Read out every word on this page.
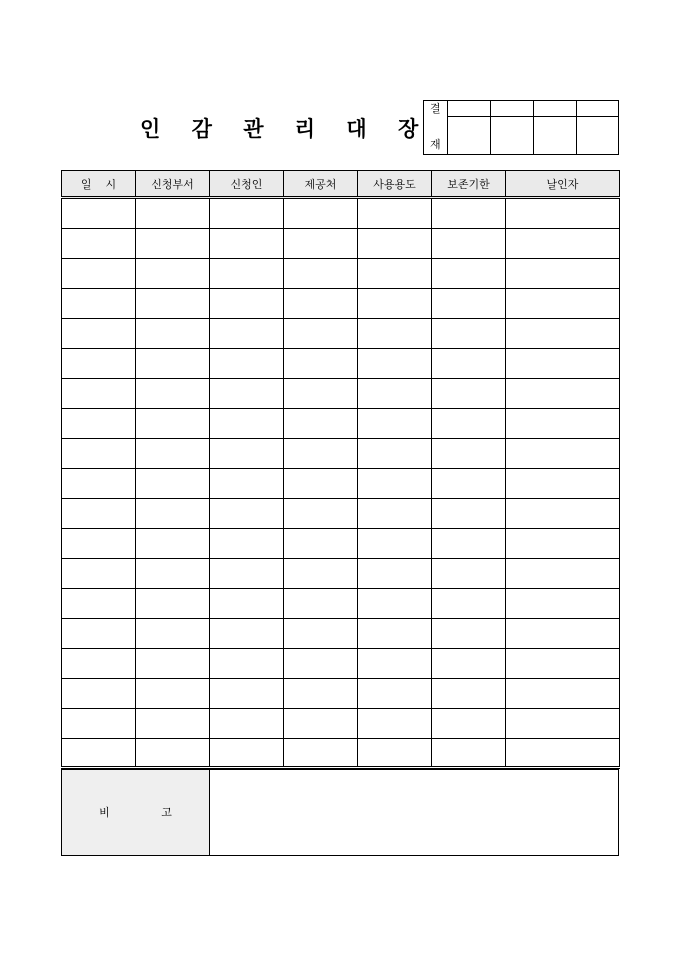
인 감 관 리 대 장
결
재
일    시	신청부서	신청인	제공처	사용용도	보존기한	날인자

비 고
